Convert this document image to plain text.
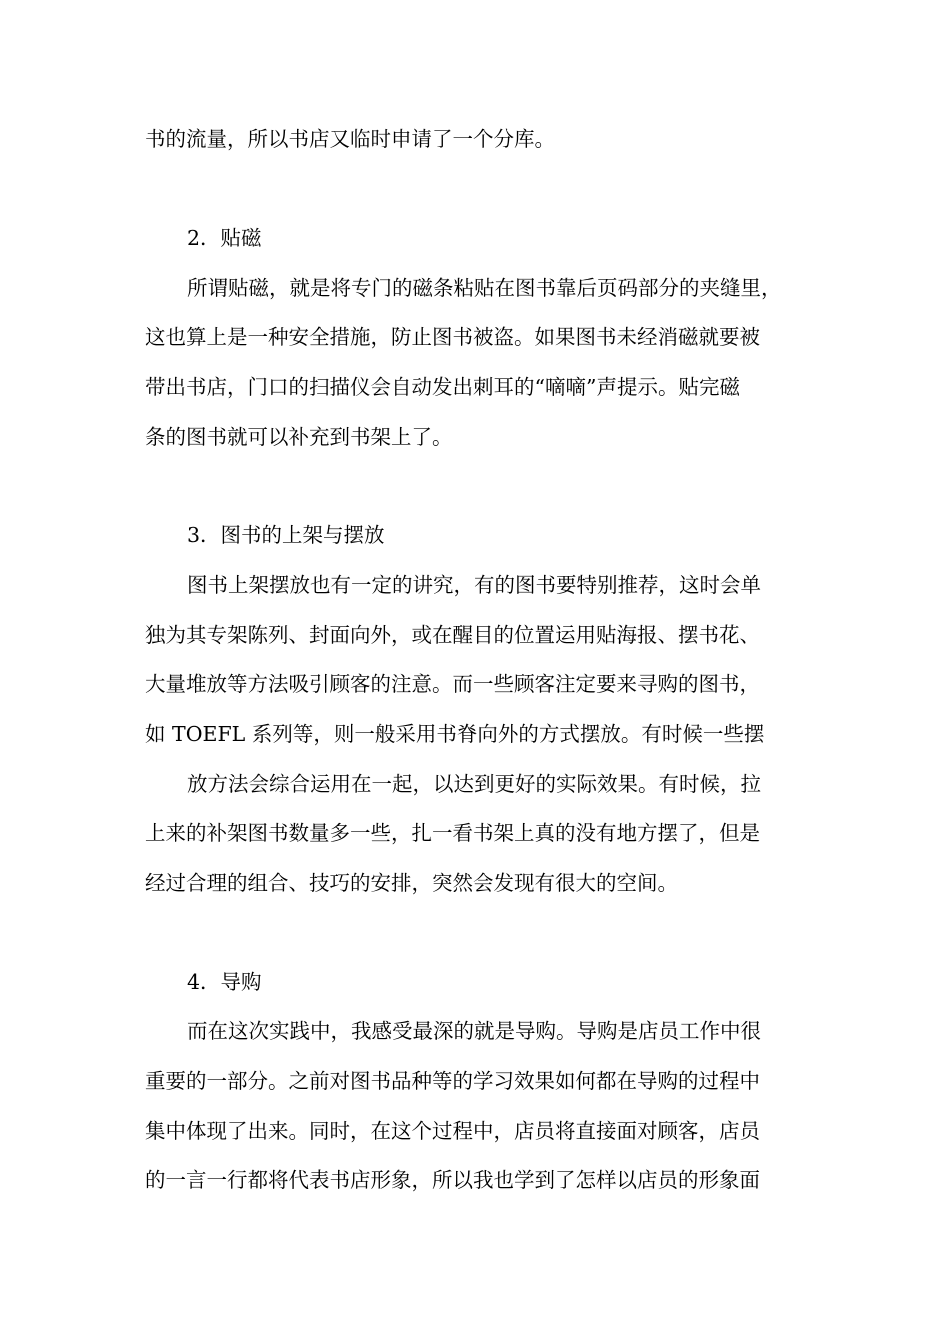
书的流量，所以书店又临时申请了一个分库。
2．贴磁
所谓贴磁，就是将专门的磁条粘贴在图书靠后页码部分的夹缝里，
这也算上是一种安全措施，防止图书被盗。如果图书未经消磁就要被
带出书店，门口的扫描仪会自动发出刺耳的“嘀嘀”声提示。贴完磁
条的图书就可以补充到书架上了。
3．图书的上架与摆放
图书上架摆放也有一定的讲究，有的图书要特别推荐，这时会单
独为其专架陈列、封面向外，或在醒目的位置运用贴海报、摆书花、
大量堆放等方法吸引顾客的注意。而一些顾客注定要来寻购的图书，
如 TOEFL 系列等，则一般采用书脊向外的方式摆放。有时候一些摆
放方法会综合运用在一起，以达到更好的实际效果。有时候，拉
上来的补架图书数量多一些，扎一看书架上真的没有地方摆了，但是
经过合理的组合、技巧的安排，突然会发现有很大的空间。
4．导购
而在这次实践中，我感受最深的就是导购。导购是店员工作中很
重要的一部分。之前对图书品种等的学习效果如何都在导购的过程中
集中体现了出来。同时，在这个过程中，店员将直接面对顾客，店员
的一言一行都将代表书店形象，所以我也学到了怎样以店员的形象面
